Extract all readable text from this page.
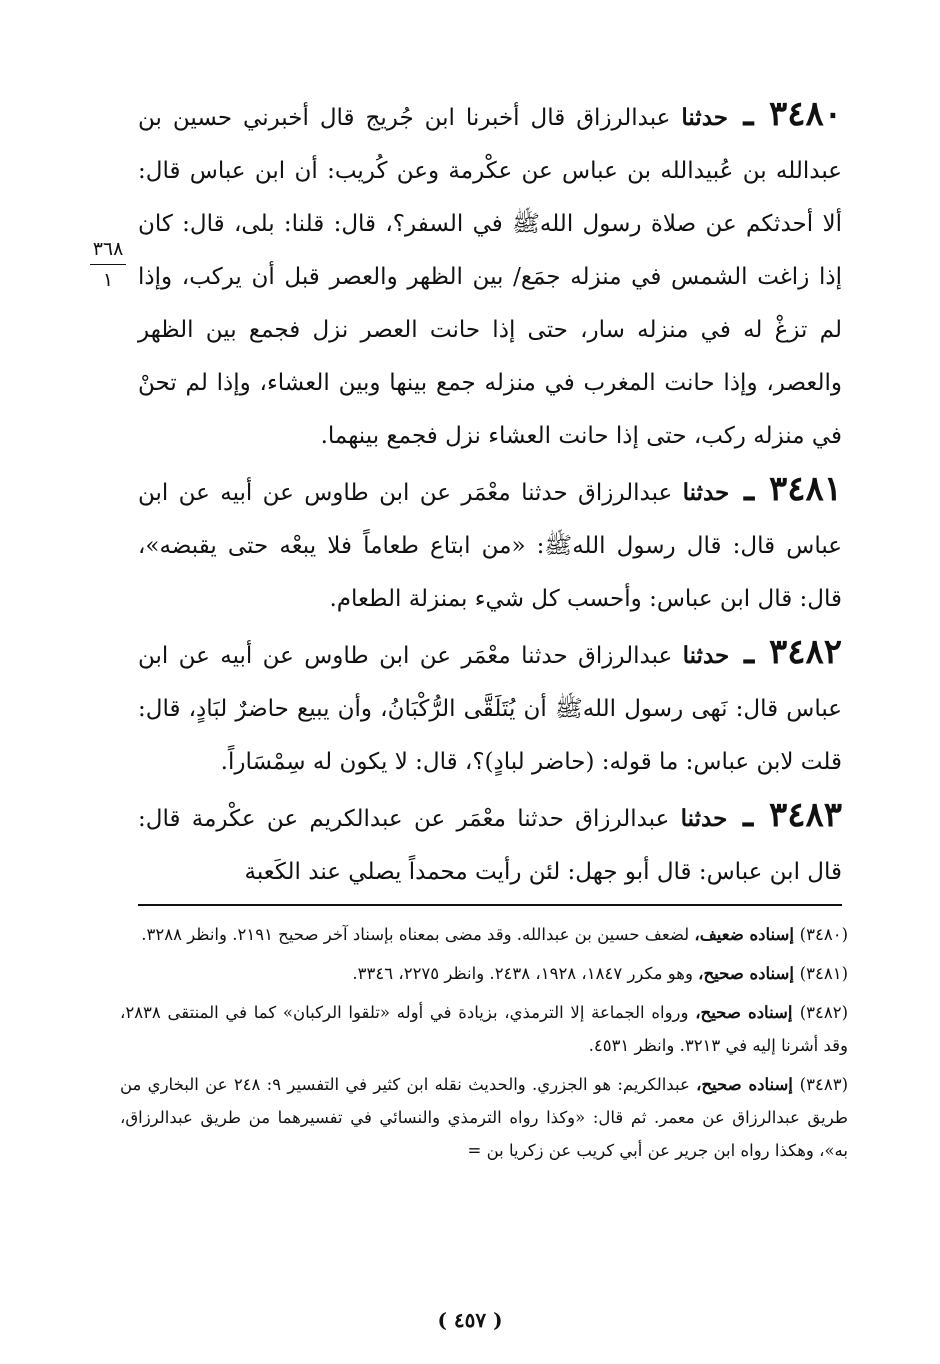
٣٤٨٠ ـ حدثنا عبدالرزاق قال أخبرنا ابن جُريج قال أخبرني حسين بن عبدالله بن عُبيدالله بن عباس عن عكْرمة وعن كُريب: أن ابن عباس قال: ألا أحدثكم عن صلاة رسول اللهﷺ في السفر؟، قال: قلنا: بلى، قال: كان إذا زاغت الشمس في منزله جمَع/ بين الظهر والعصر قبل أن يركب، وإذا لم تزغْ له في منزله سار، حتى إذا حانت العصر نزل فجمع بين الظهر والعصر، وإذا حانت المغرب في منزله جمع بينها وبين العشاء، وإذا لم تحنْ في منزله ركب، حتى إذا حانت العشاء نزل فجمع بينهما.

٣٤٨١ ـ حدثنا عبدالرزاق حدثنا معْمَر عن ابن طاوس عن أبيه عن ابن عباس قال: قال رسول اللهﷺ: «من ابتاع طعاماً فلا يبعْه حتى يقبضه»، قال: قال ابن عباس: وأحسب كل شيء بمنزلة الطعام.

٣٤٨٢ ـ حدثنا عبدالرزاق حدثنا معْمَر عن ابن طاوس عن أبيه عن ابن عباس قال: نَهى رسول اللهﷺ أن يُتَلَقَّى الرُّكْبَانُ، وأن يبيع حاضرٌ لبَادٍ، قال: قلت لابن عباس: ما قوله: (حاضر لبادٍ)؟، قال: لا يكون له سِمْسَاراً.

٣٤٨٣ ـ حدثنا عبدالرزاق حدثنا معْمَر عن عبدالكريم عن عكْرمة قال: قال ابن عباس: قال أبو جهل: لئن رأيت محمداً يصلي عند الكَعبة

٣٦٨
١

(٣٤٨٠) إسناده ضعيف، لضعف حسين بن عبدالله. وقد مضى بمعناه بإسناد آخر صحيح ٢١٩١. وانظر ٣٢٨٨.

(٣٤٨١) إسناده صحيح، وهو مكرر ١٨٤٧، ١٩٢٨، ٢٤٣٨. وانظر ٢٢٧٥، ٣٣٤٦.

(٣٤٨٢) إسناده صحيح، ورواه الجماعة إلا الترمذي، بزيادة في أوله «تلقوا الركبان» كما في المنتقى ٢٨٣٨، وقد أشرنا إليه في ٣٢١٣. وانظر ٤٥٣١.

(٣٤٨٣) إسناده صحيح، عبدالكريم: هو الجزري. والحديث نقله ابن كثير في التفسير ٩: ٢٤٨ عن البخاري من طريق عبدالرزاق عن معمر. ثم قال: «وكذا رواه الترمذي والنسائي في تفسيرهما من طريق عبدالرزاق، به»، وهكذا رواه ابن جرير عن أبي كريب عن زكريا بن =

( ٤٥٧ )
